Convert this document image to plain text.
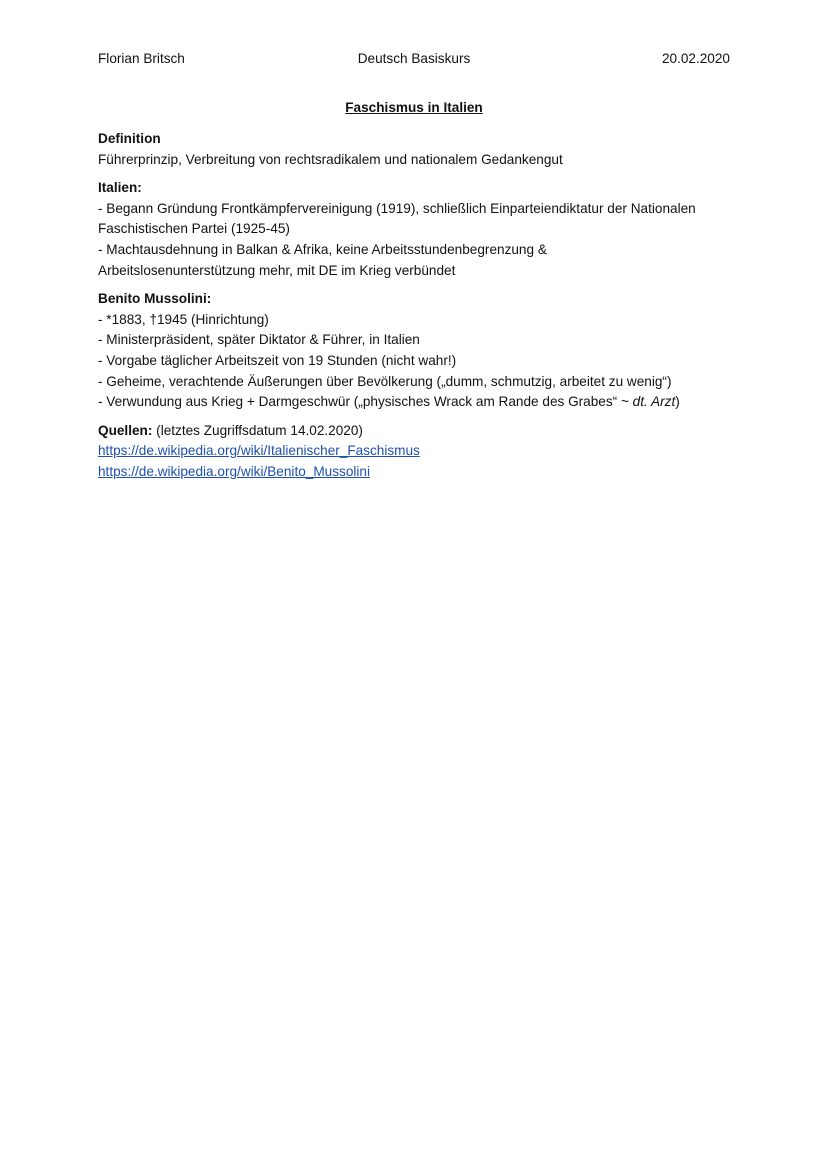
Florian Britsch	Deutsch Basiskurs	20.02.2020
Faschismus in Italien
Definition
Führerprinzip, Verbreitung von rechtsradikalem und nationalem Gedankengut
Italien:
- Begann Gründung Frontkämpfervereinigung (1919), schließlich Einparteiendiktatur der Nationalen
Faschistischen Partei (1925-45)
- Machtausdehnung in Balkan & Afrika, keine Arbeitsstundenbegrenzung &
Arbeitslosenunterstützung mehr, mit DE im Krieg verbündet
Benito Mussolini:
- *1883, †1945 (Hinrichtung)
- Ministerpräsident, später Diktator & Führer, in Italien
- Vorgabe täglicher Arbeitszeit von 19 Stunden (nicht wahr!)
- Geheime, verachtende Äußerungen über Bevölkerung („dumm, schmutzig, arbeitet zu wenig“)
- Verwundung aus Krieg + Darmgeschwür („physisches Wrack am Rande des Grabes“ ~ dt. Arzt)
Quellen: (letztes Zugriffsdatum 14.02.2020)
https://de.wikipedia.org/wiki/Italienischer_Faschismus
https://de.wikipedia.org/wiki/Benito_Mussolini
